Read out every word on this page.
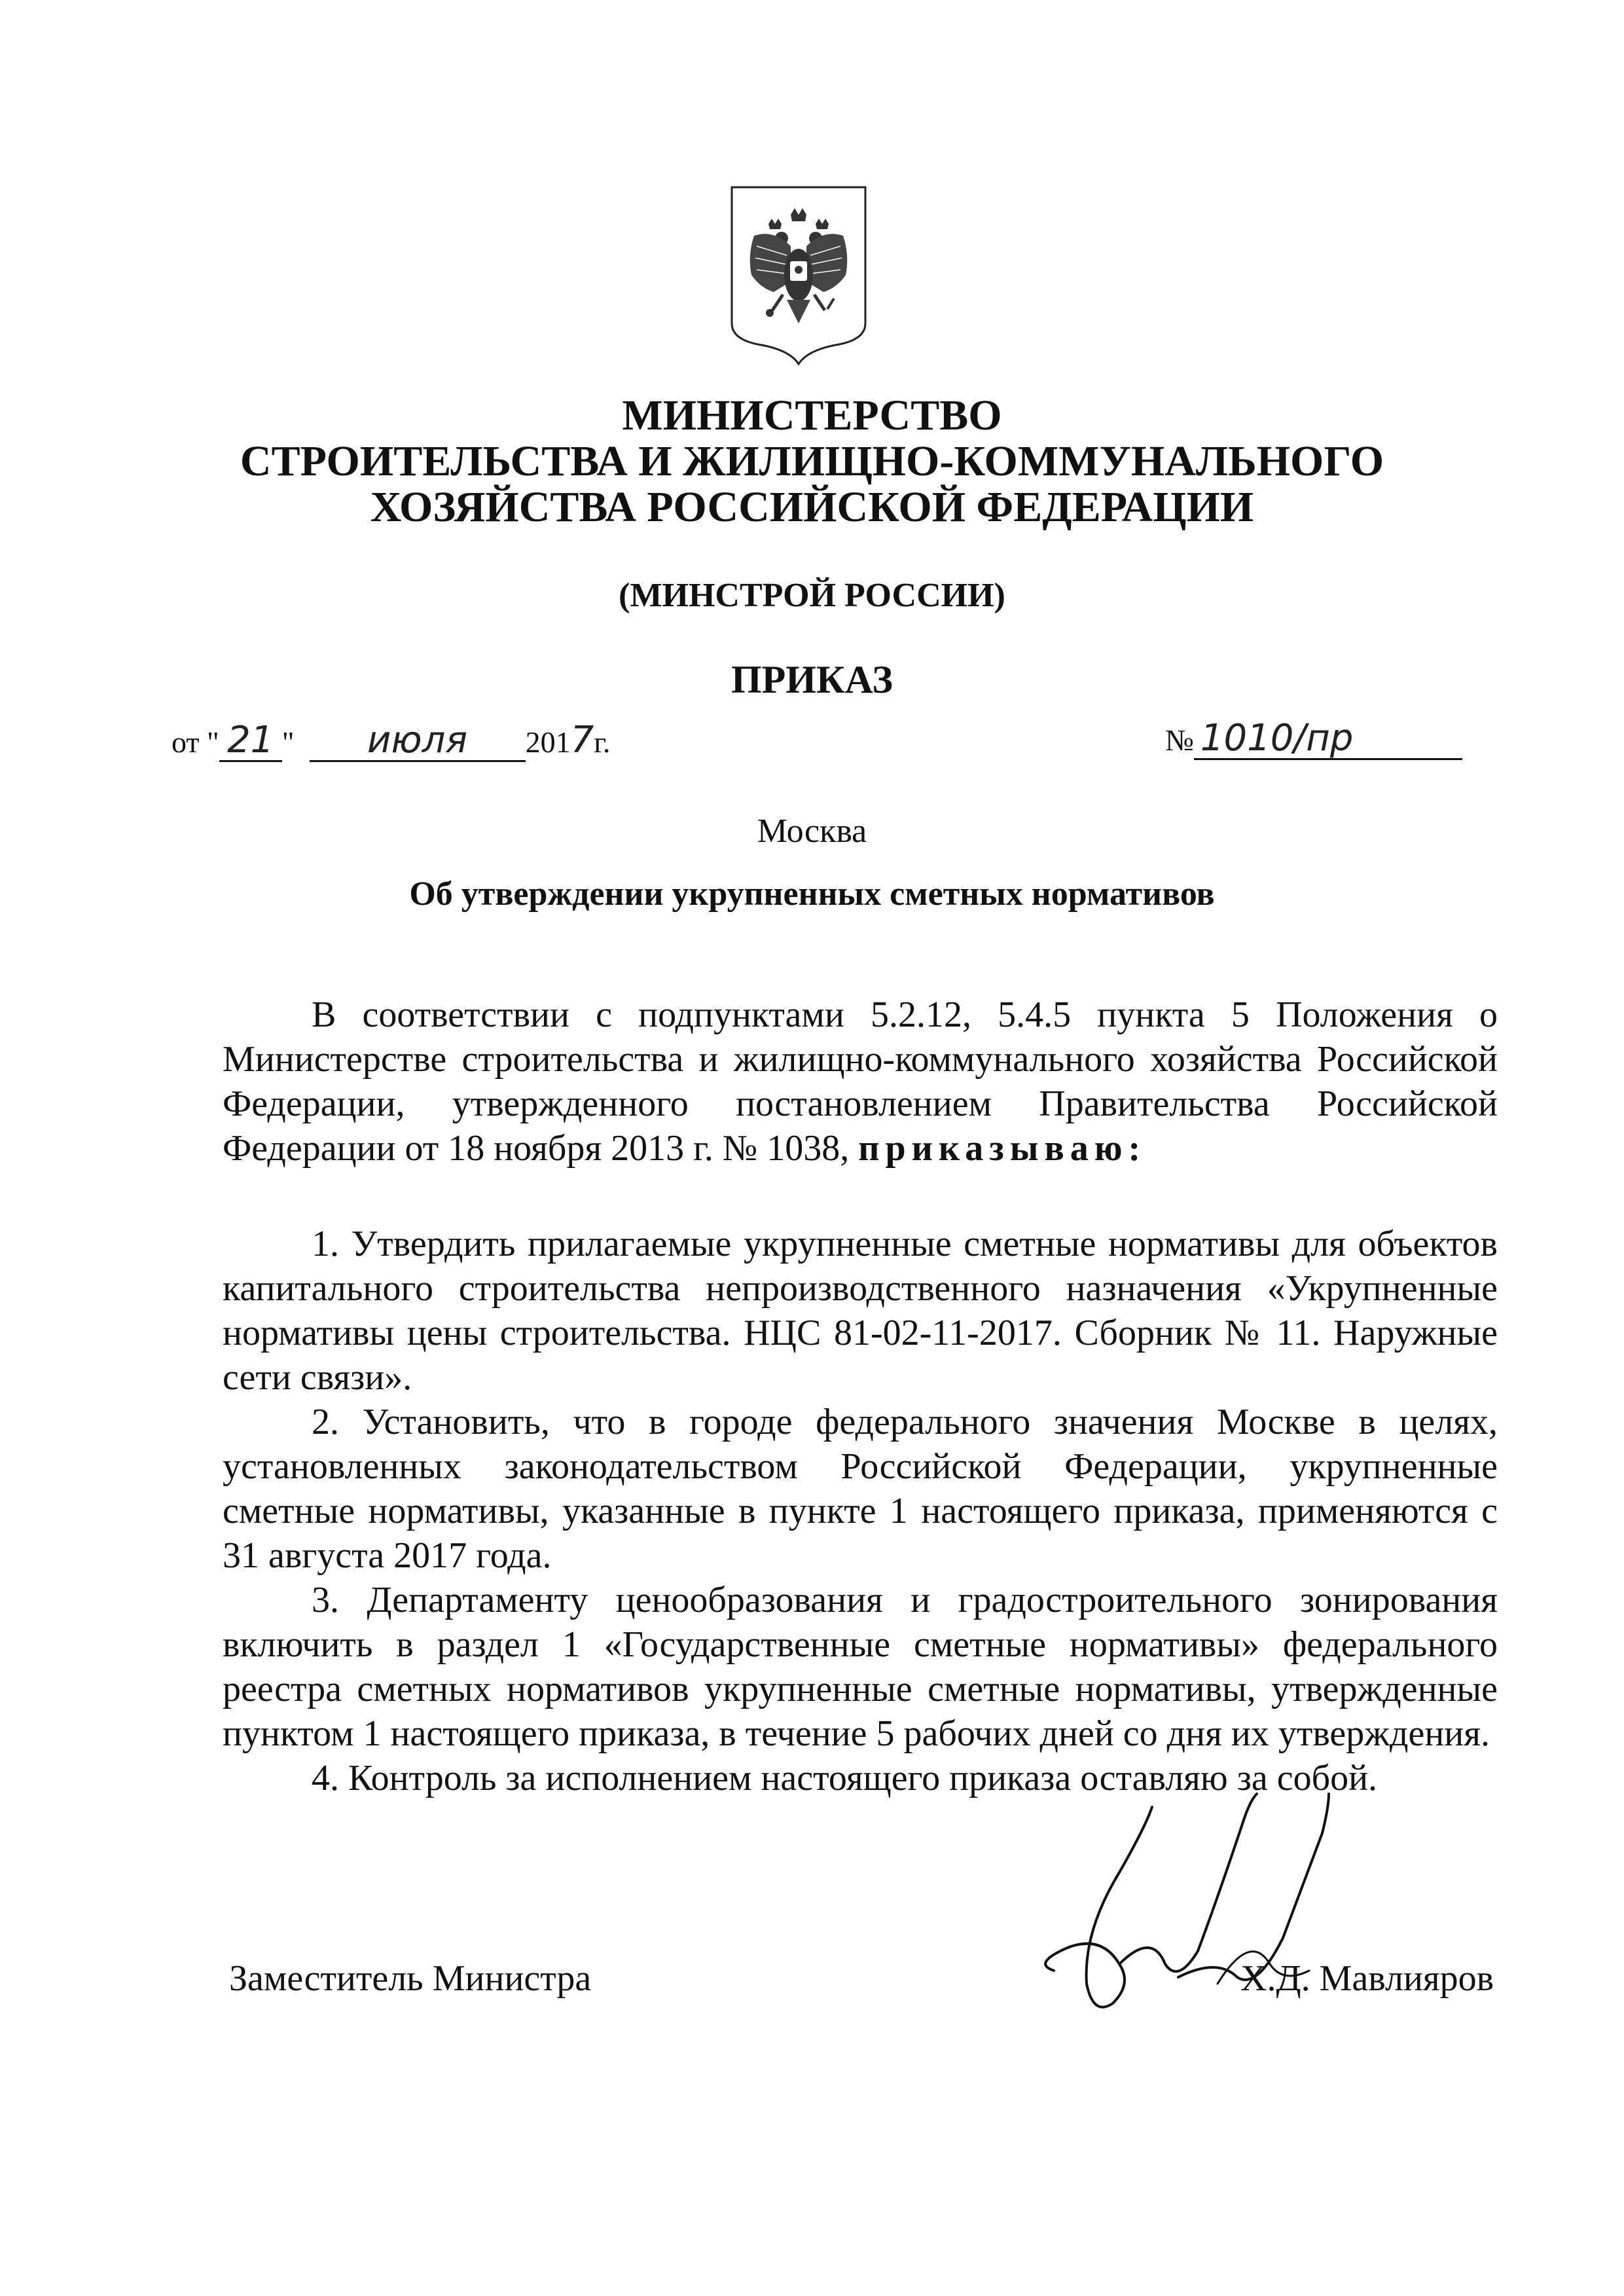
МИНИСТЕРСТВО
СТРОИТЕЛЬСТВА И ЖИЛИЩНО-КОММУНАЛЬНОГО
ХОЗЯЙСТВА РОССИЙСКОЙ ФЕДЕРАЦИИ
(МИНСТРОЙ РОССИИ)
ПРИКАЗ
от " 21 " июля 2017г.	№ 1010/пр
Москва
Об утверждении укрупненных сметных нормативов

В соответствии с подпунктами 5.2.12, 5.4.5 пункта 5 Положения о Министерстве строительства и жилищно-коммунального хозяйства Российской Федерации, утвержденного постановлением Правительства Российской Федерации от 18 ноября 2013 г. № 1038, приказываю:

1. Утвердить прилагаемые укрупненные сметные нормативы для объектов капитального строительства непроизводственного назначения «Укрупненные нормативы цены строительства. НЦС 81-02-11-2017. Сборник № 11. Наружные сети связи».

2. Установить, что в городе федерального значения Москве в целях, установленных законодательством Российской Федерации, укрупненные сметные нормативы, указанные в пункте 1 настоящего приказа, применяются с 31 августа 2017 года.

3. Департаменту ценообразования и градостроительного зонирования включить в раздел 1 «Государственные сметные нормативы» федерального реестра сметных нормативов укрупненные сметные нормативы, утвержденные пунктом 1 настоящего приказа, в течение 5 рабочих дней со дня их утверждения.

4. Контроль за исполнением настоящего приказа оставляю за собой.

Заместитель Министра	Х.Д. Мавлияров
